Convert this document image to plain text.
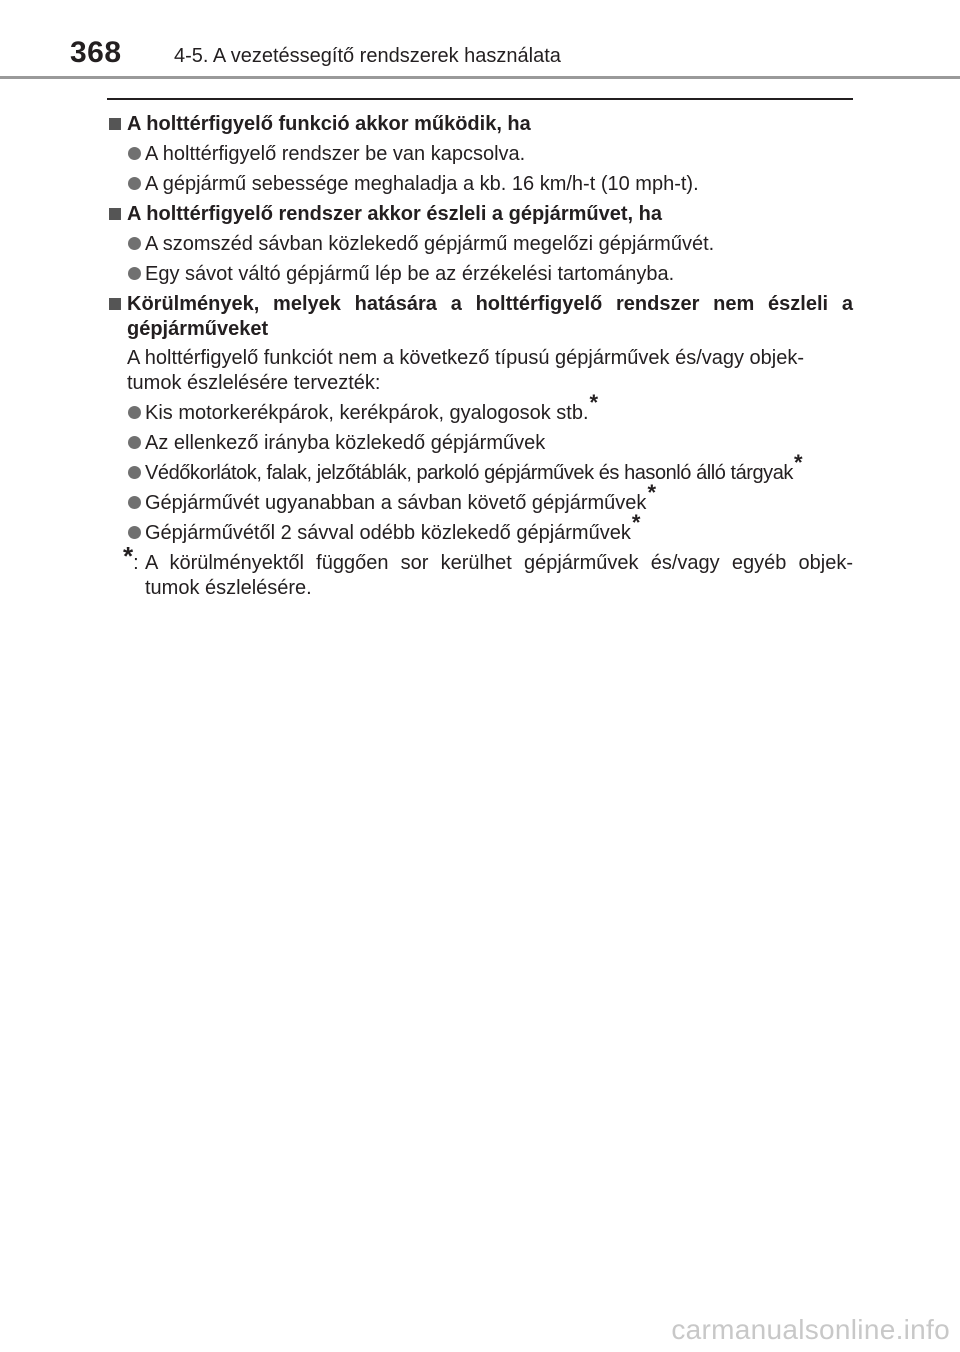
368	4-5. A vezetéssegítő rendszerek használata
A holttérfigyelő funkció akkor működik, ha
A holttérfigyelő rendszer be van kapcsolva.
A gépjármű sebessége meghaladja a kb. 16 km/h-t (10 mph-t).
A holttérfigyelő rendszer akkor észleli a gépjárművet, ha
A szomszéd sávban közlekedő gépjármű megelőzi gépjárművét.
Egy sávot váltó gépjármű lép be az érzékelési tartományba.
Körülmények, melyek hatására a holttérfigyelő rendszer nem észleli a gépjárműveket
A holttérfigyelő funkciót nem a következő típusú gépjárművek és/vagy objek-tumok észlelésére tervezték:
Kis motorkerékpárok, kerékpárok, gyalogosok stb.*
Az ellenkező irányba közlekedő gépjárművek
Védőkorlátok, falak, jelzőtáblák, parkoló gépjárművek és hasonló álló tárgyak*
Gépjárművét ugyanabban a sávban követő gépjárművek*
Gépjárművétől 2 sávval odébb közlekedő gépjárművek*
*: A körülményektől függően sor kerülhet gépjárművek és/vagy egyéb objek-tumok észlelésére.
carmanualsonline.info
